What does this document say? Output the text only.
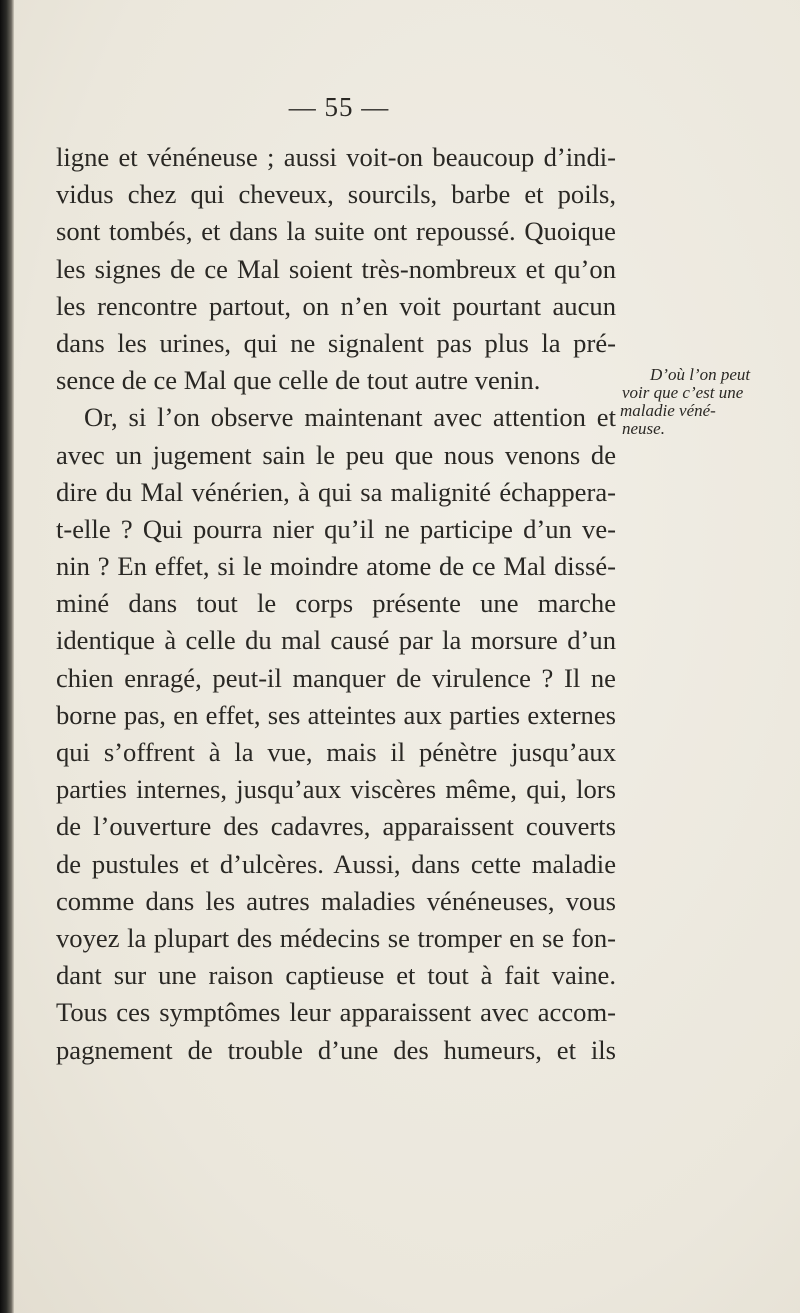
— 55 —
ligne et vénéneuse ; aussi voit-on beaucoup d’indi-
vidus chez qui cheveux, sourcils, barbe et poils,
sont tombés, et dans la suite ont repoussé. Quoique
les signes de ce Mal soient très-nombreux et qu’on
les rencontre partout, on n’en voit pourtant aucun
dans les urines, qui ne signalent pas plus la pré-
sence de ce Mal que celle de tout autre venin.
Or, si l’on observe maintenant avec attention et
avec un jugement sain le peu que nous venons de
dire du Mal vénérien, à qui sa malignité échappera-
t-elle ? Qui pourra nier qu’il ne participe d’un ve-
nin ? En effet, si le moindre atome de ce Mal dissé-
miné dans tout le corps présente une marche
identique à celle du mal causé par la morsure d’un
chien enragé, peut-il manquer de virulence ? Il ne
borne pas, en effet, ses atteintes aux parties externes
qui s’offrent à la vue, mais il pénètre jusqu’aux
parties internes, jusqu’aux viscères même, qui, lors
de l’ouverture des cadavres, apparaissent couverts
de pustules et d’ulcères. Aussi, dans cette maladie
comme dans les autres maladies vénéneuses, vous
voyez la plupart des médecins se tromper en se fon-
dant sur une raison captieuse et tout à fait vaine.
Tous ces symptômes leur apparaissent avec accom-
pagnement de trouble d’une des humeurs, et ils
D’où l’on peut
voir que c’est une
maladie véné-
neuse.
